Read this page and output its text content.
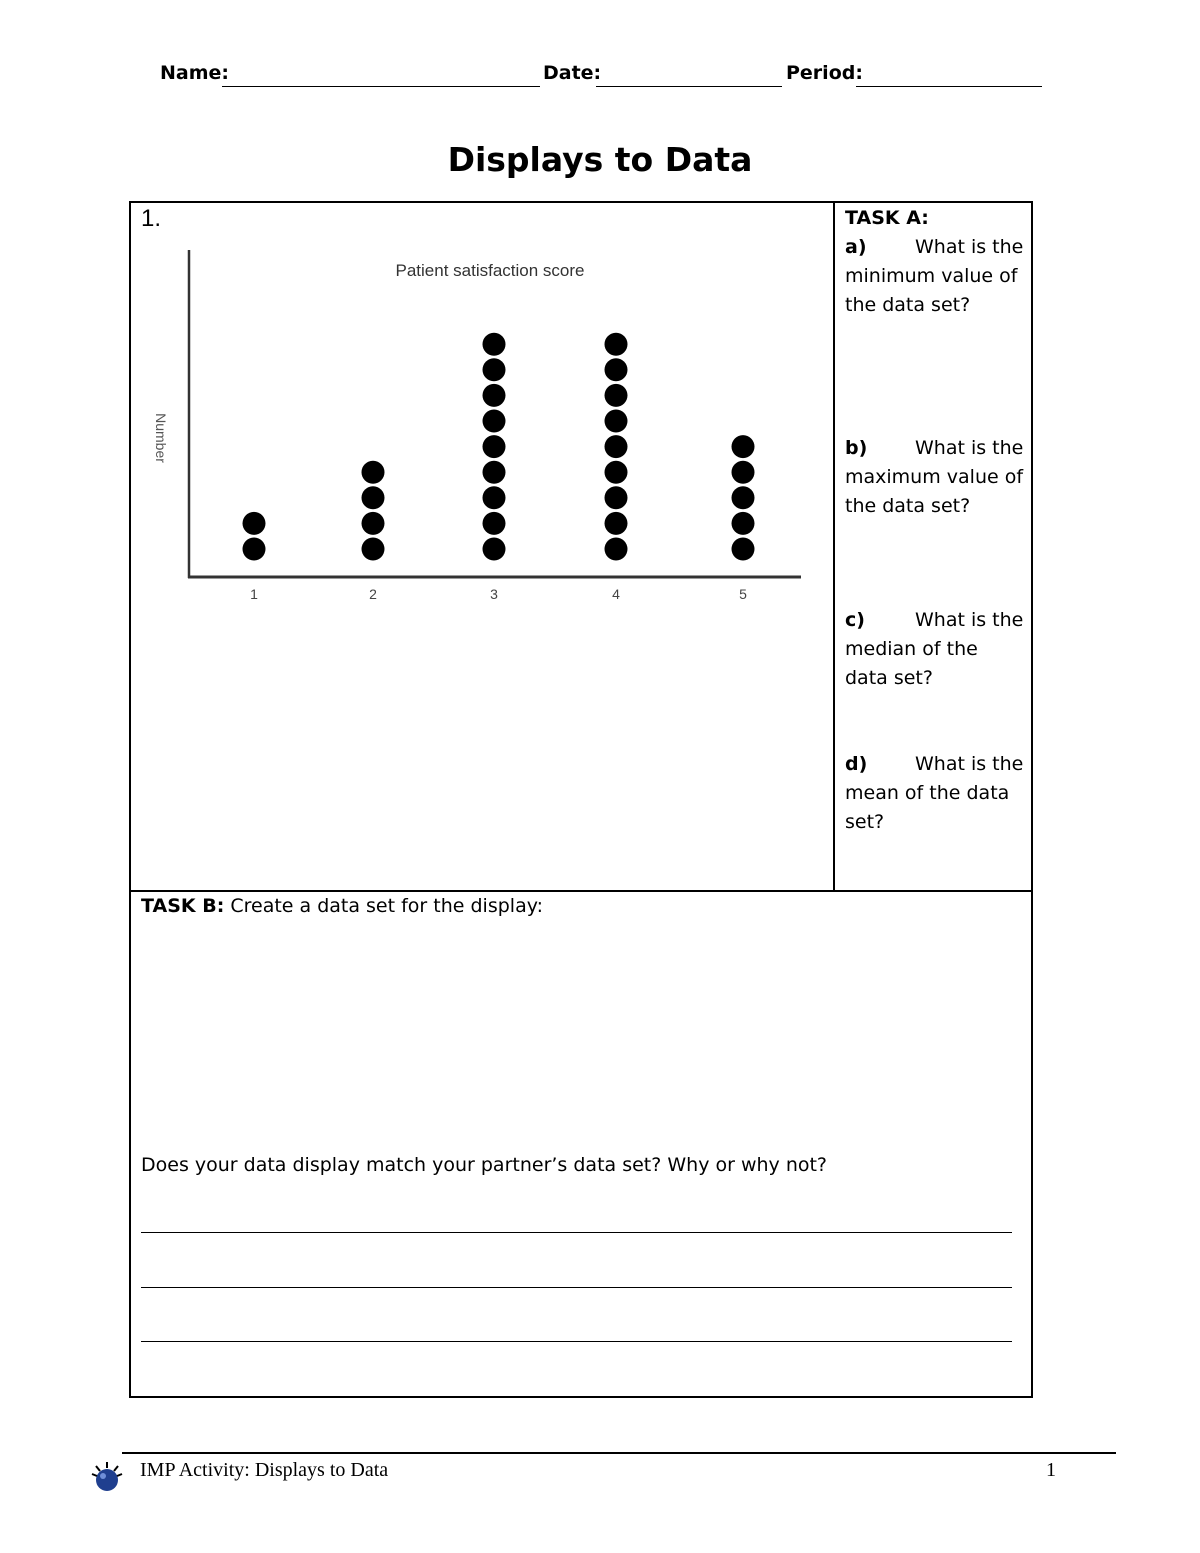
Name:	Date:	Period:
Displays to Data
1.
Patient satisfaction score
Number
1	2	3	4	5
TASK A:
a)	What is the minimum value of the data set?
b)	What is the maximum value of the data set?
c)	What is the median of the data set?
d)	What is the mean of the data set?
TASK B: Create a data set for the display:
Does your data display match your partner’s data set? Why or why not?
IMP Activity: Displays to Data	1
